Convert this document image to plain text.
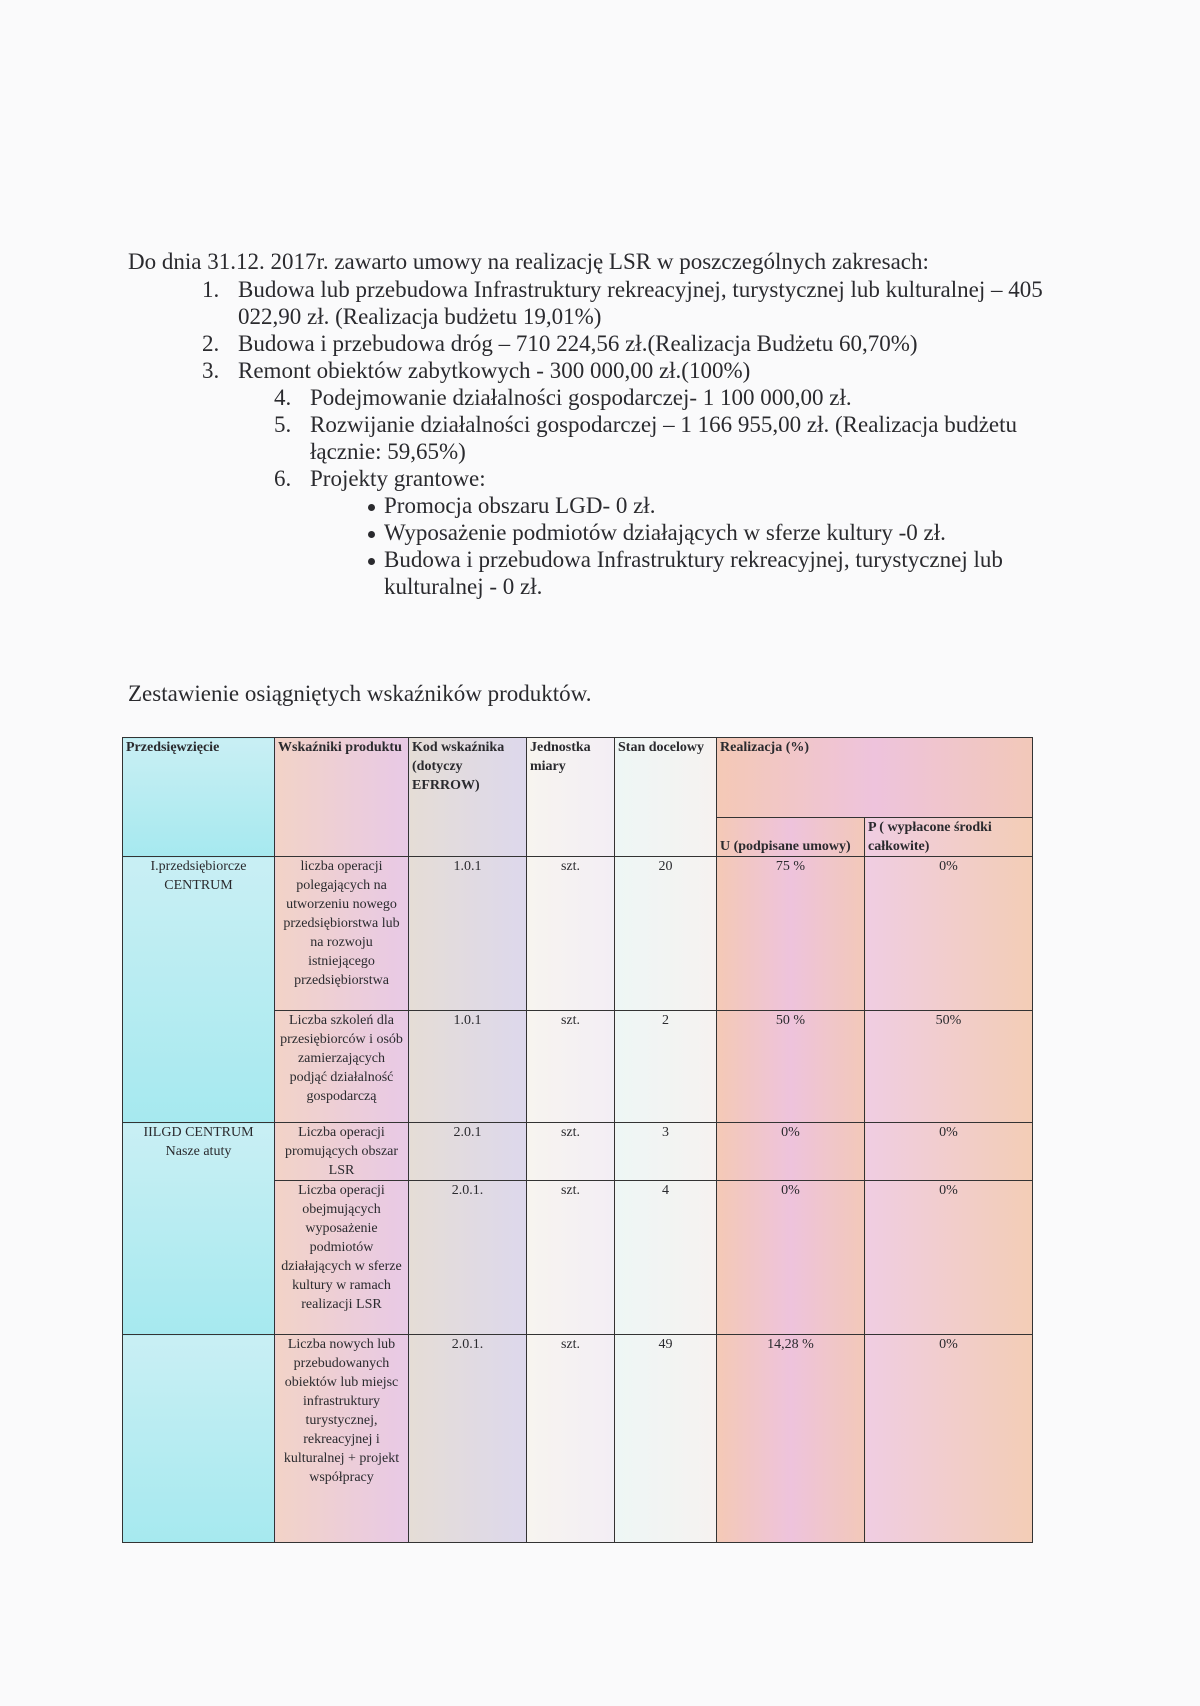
Do dnia 31.12. 2017r. zawarto umowy na realizację LSR w poszczególnych zakresach:

1. Budowa lub przebudowa Infrastruktury rekreacyjnej, turystycznej lub kulturalnej – 405 022,90 zł. (Realizacja budżetu 19,01%)
2. Budowa i przebudowa dróg – 710 224,56 zł.(Realizacja Budżetu 60,70%)
3. Remont obiektów zabytkowych - 300 000,00 zł.(100%)
4. Podejmowanie działalności gospodarczej- 1 100 000,00 zł.
5. Rozwijanie działalności gospodarczej – 1 166 955,00 zł. (Realizacja budżetu łącznie: 59,65%)
6. Projekty grantowe:
Promocja obszaru LGD- 0 zł.
Wyposażenie podmiotów działających w sferze kultury -0 zł.
Budowa i przebudowa Infrastruktury rekreacyjnej, turystycznej lub kulturalnej - 0 zł.
Zestawienie osiągniętych wskaźników produktów.
Przedsięwzięcie	Wskaźniki produktu	Kod wskaźnika (dotyczy EFRROW)	Jednostka miary	Stan docelowy	Realizacja (%)	
					U (podpisane umowy)	P ( wypłacone środki całkowite)
I.przedsiębiorcze CENTRUM	liczba operacji polegających na utworzeniu nowego przedsiębiorstwa lub na rozwoju istniejącego przedsiębiorstwa	1.0.1	szt.	20	75 %	0%
	Liczba szkoleń dla przesiębiorców i osób zamierzających podjąć działalność gospodarczą	1.0.1	szt.	2	50 %	50%
IILGD CENTRUM Nasze atuty	Liczba operacji promujących obszar LSR	2.0.1	szt.	3	0%	0%
	Liczba operacji obejmujących wyposażenie podmiotów działających w sferze kultury w ramach realizacji LSR	2.0.1.	szt.	4	0%	0%
	Liczba nowych lub przebudowanych obiektów lub miejsc infrastruktury turystycznej, rekreacyjnej i kulturalnej + projekt współpracy	2.0.1.	szt.	49	14,28 %	0%
